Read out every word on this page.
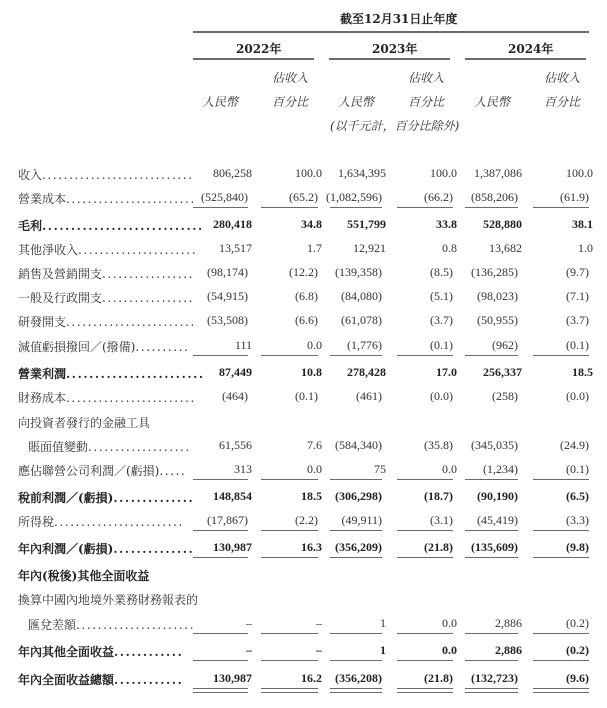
截至12月31日止年度
2022年	2023年	2024年
佔收入	佔收入	佔收入
人民幣	百分比 人民幣	百分比 人民幣	百分比
(以千元計，百分比除外)
收入............................ 806,258	100.0 1,634,395	100.0 1,387,086	100.0
營業成本........................ (525,840)	(65.2) (1,082,596)	(66.2) (858,206)	(61.9)
毛利............................ 280,418	34.8 551,799	33.8 528,880	38.1
其他淨收入...................... 13,517	1.7	12,921	0.8	13,682	1.0
銷售及營銷開支................. (98,174)	(12.2) (139,358)	(8.5) (136,285)	(9.7)
一般及行政開支................. (54,915)	(6.8) (84,080)	(5.1) (98,023)	(7.1)
研發開支........................ (53,508)	(6.6) (61,078)	(3.7) (50,955)	(3.7)
減值虧損撥回／(撥備)..........	111	0.0 (1,776)	(0.1)	(962)	(0.1)
營業利潤........................ 87,449	10.8 278,428	17.0 256,337	18.5
財務成本........................ (464)	(0.1)	(461)	(0.0)	(258)	(0.0)
向投資者發行的金融工具
賬面值變動................... 61,556	7.6 (584,340)	(35.8) (345,035)	(24.9)
應佔聯營公司利潤／(虧損).....	313	0.0	75	0.0 (1,234)	(0.1)
稅前利潤／(虧損).............. 148,854	18.5 (306,298)	(18.7) (90,190)	(6.5)
所得稅........................ (17,867)	(2.2) (49,911)	(3.1) (45,419)	(3.3)
年內利潤／(虧損).............. 130,987	16.3 (356,209)	(21.8) (135,609)	(9.8)
年內(稅後)其他全面收益
換算中國內地境外業務財務報表的
匯兌差額......................	–	–	1	0.0	2,886	(0.2)
年內其他全面收益............	–	–	1	0.0	2,886	(0.2)
年內全面收益總額............ 130,987	16.2 (356,208)	(21.8) (132,723)	(9.6)
